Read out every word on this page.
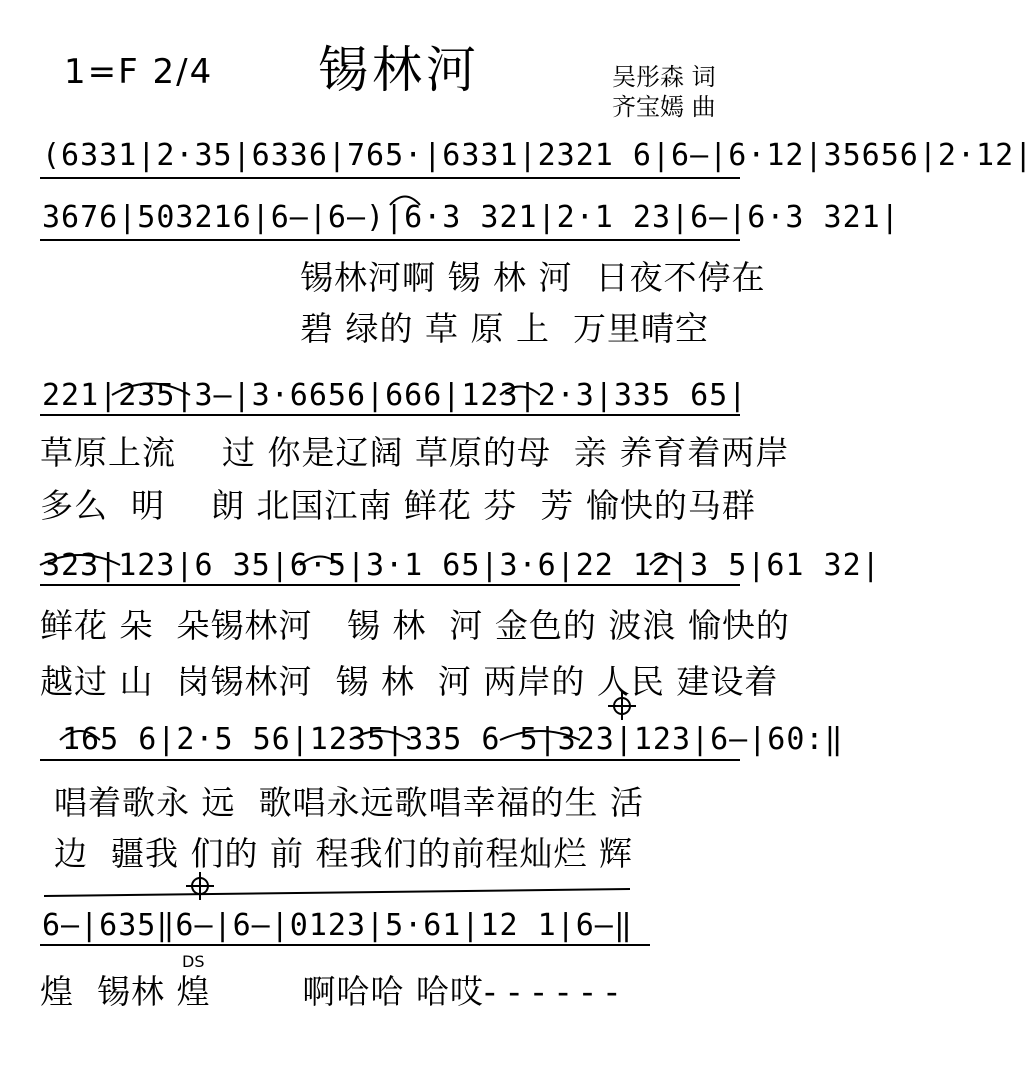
1=F 2/4 锡林河	吴彤森 词
齐宝嫣 曲
(6331|2·35|6336|765·|6331|2321 6|6–|6·12|35656|2·12|
3676|503216|6–|6–)|6·3 321|2·1 23|6–|6·3 321|
锡林河啊 锡 林 河  日夜不停在
碧 绿的 草 原 上  万里晴空
221|235|3–|3·6656|666|123|2·3|335 65|
草原上流    过 你是辽阔 草原的母  亲 养育着两岸
多么  明    朗 北国江南 鲜花 芬  芳 愉快的马群
323|123|6 35|6·5|3·1 65|3·6|22 12|3 5|61 32|
鲜花 朵  朵锡林河   锡 林  河 金色的 波浪 愉快的
越过 山  岗锡林河  锡 林  河 两岸的 人民 建设着
165 6|2·5 56|1235|335 6 5|323|123|6–|60:‖
唱着歌永 远  歌唱永远歌唱幸福的生 活
边  疆我 们的 前 程我们的前程灿烂 辉
6–|635‖6–|6–|0123|5·61|12 1|6–‖
煌  锡林 煌        啊哈哈 哈哎- - - - - -
DS
